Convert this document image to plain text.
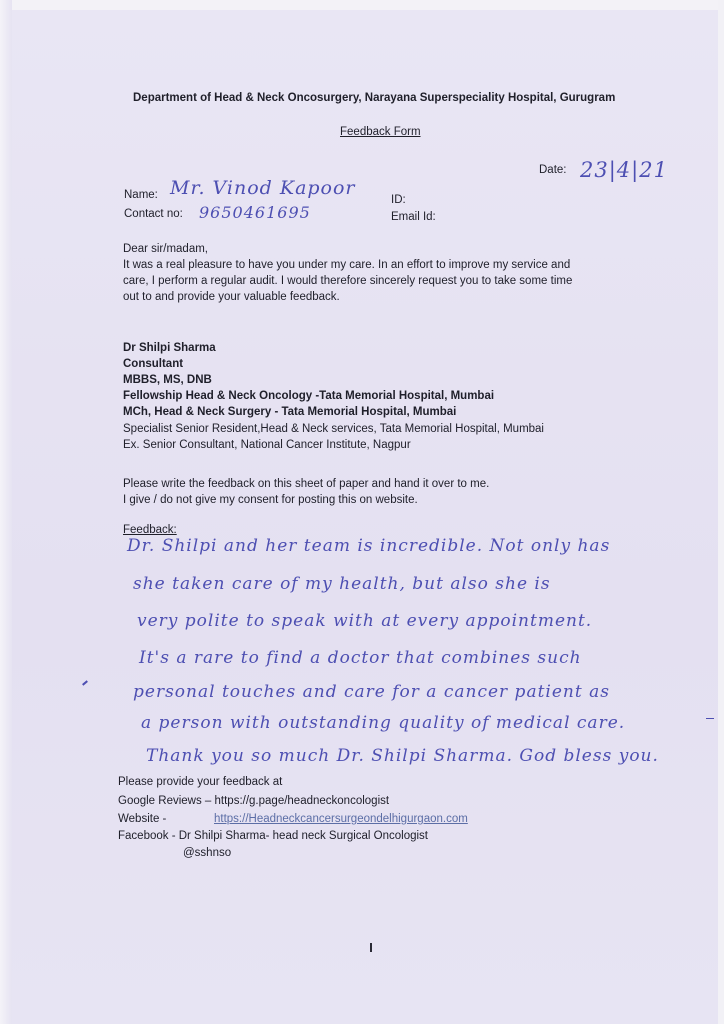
Department of Head & Neck Oncosurgery, Narayana Superspeciality Hospital, Gurugram
Feedback Form
Date: 23|4|21
Name: Mr. Vinod Kapoor
Contact no: 9650461695
ID:
Email Id:
Dear sir/madam,
It was a real pleasure to have you under my care. In an effort to improve my service and
care, I perform a regular audit. I would therefore sincerely request you to take some time
out to and provide your valuable feedback.
Dr Shilpi Sharma
Consultant
MBBS, MS, DNB
Fellowship Head & Neck Oncology -Tata Memorial Hospital, Mumbai
MCh, Head & Neck Surgery - Tata Memorial Hospital, Mumbai
Specialist Senior Resident,Head & Neck services, Tata Memorial Hospital, Mumbai
Ex. Senior Consultant, National Cancer Institute, Nagpur
Please write the feedback on this sheet of paper and hand it over to me.
I give / do not give my consent for posting this on website.
Feedback:
Dr. Shilpi and her team is incredible. Not only has
she taken care of my health, but also she is
very polite to speak with at every appointment.
It's a rare to find a doctor that combines such
personal touches and care for a cancer patient as
a person with outstanding quality of medical care.
Thank you so much Dr. Shilpi Sharma. God bless you.
Please provide your feedback at
Google Reviews – https://g.page/headneckoncologist
Website -	https://Headneckcancersurgeondelhigurgaon.com
Facebook - Dr Shilpi Sharma- head neck Surgical Oncologist
@sshnso
